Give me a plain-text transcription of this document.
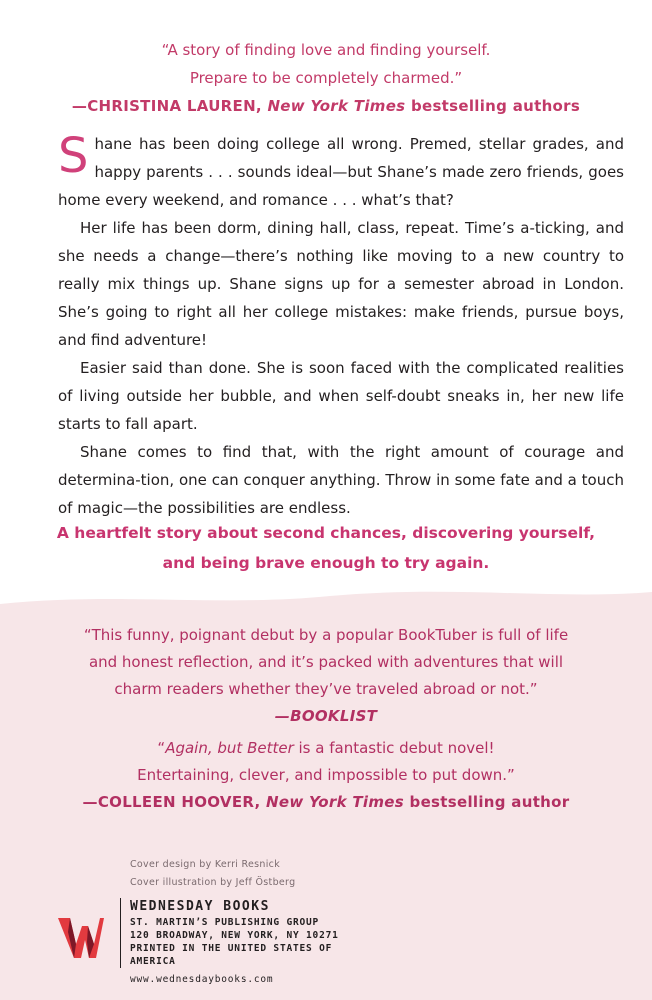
“A story of finding love and finding yourself.
Prepare to be completely charmed.”
—CHRISTINA LAUREN, New York Times bestselling authors

Shane has been doing college all wrong. Premed, stellar grades, and happy parents . . . sounds ideal—but Shane’s made zero friends, goes home every weekend, and romance . . . what’s that?

Her life has been dorm, dining hall, class, repeat. Time’s a-ticking, and she needs a change—there’s nothing like moving to a new country to really mix things up. Shane signs up for a semester abroad in London. She’s going to right all her college mistakes: make friends, pursue boys, and find adventure!

Easier said than done. She is soon faced with the complicated realities of living outside her bubble, and when self-doubt sneaks in, her new life starts to fall apart.

Shane comes to find that, with the right amount of courage and determina-tion, one can conquer anything. Throw in some fate and a touch of magic—the possibilities are endless.

A heartfelt story about second chances, discovering yourself,
and being brave enough to try again.
“This funny, poignant debut by a popular BookTuber is full of life
and honest reflection, and it’s packed with adventures that will
charm readers whether they’ve traveled abroad or not.”
—BOOKLIST
“Again, but Better is a fantastic debut novel!
Entertaining, clever, and impossible to put down.”
—COLLEEN HOOVER, New York Times bestselling author
Cover design by Kerri Resnick
Cover illustration by Jeff Östberg
WEDNESDAY BOOKS
ST. MARTIN’S PUBLISHING GROUP
120 BROADWAY, NEW YORK, NY 10271
PRINTED IN THE UNITED STATES OF AMERICA
www.wednesdaybooks.com
